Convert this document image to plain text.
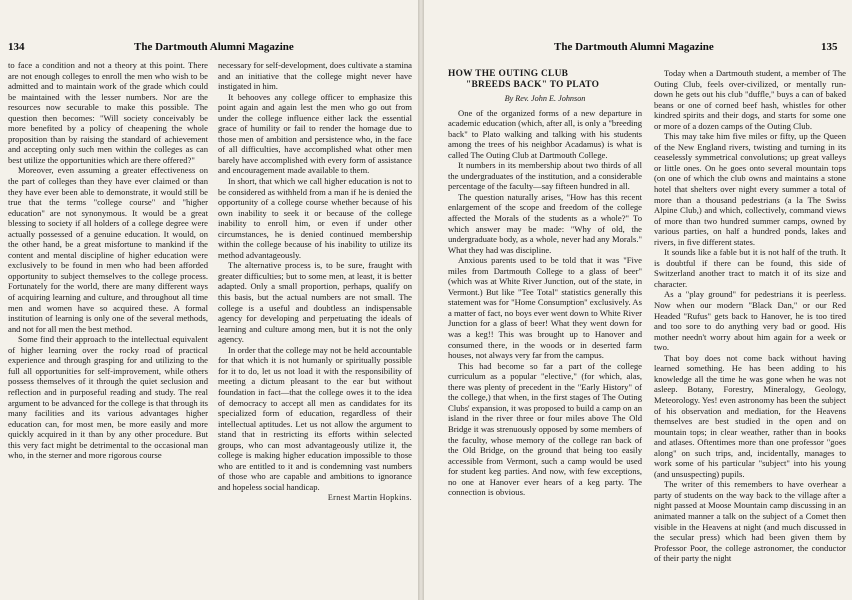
134	The Dartmouth Alumni Magazine

to face a condition and not a theory at this point. There are not enough colleges to enroll the men who wish to be admitted and to maintain work of the grade which could be maintained with the lesser numbers. Nor are the resources now securable to make this possible. The question then becomes: "Will society conceivably be more benefited by a policy of cheapening the whole proposition than by raising the standard of achievement and accepting only such men within the colleges as can best utilize the opportunities which are there offered?"

Moreover, even assuming a greater effectiveness on the part of colleges than they have ever claimed or than they have ever been able to demonstrate, it would still be true that the terms "college course" and "higher education" are not synonymous. It would be a great blessing to society if all holders of a college degree were actually possessed of a genuine education. It would, on the other hand, be a great misfortune to mankind if the content and mental discipline of higher education were exclusively to be found in men who had been afforded opportunity to subject themselves to the college process. Fortunately for the world, there are many different ways of acquiring learning and culture, and throughout all time men and women have so acquired these. A formal institution of learning is only one of the several methods, and not for all men the best method.

Some find their approach to the intellectual equivalent of higher learning over the rocky road of practical experience and through grasping for and utilizing to the full all opportunities for self-improvement, while others possess themselves of it through the quiet seclusion and reflection and in purposeful reading and study. The real argument to be advanced for the college is that through its many facilities and its various advantages higher education can, for most men, be more easily and more quickly acquired in it than by any other procedure. But this very fact might be detrimental to the occasional man who, in the sterner and more rigorous course

necessary for self-development, does cultivate a stamina and an initiative that the college might never have instigated in him.

It behooves any college officer to emphasize this point again and again lest the men who go out from under the college influence either lack the essential grace of humility or fail to render the homage due to those men of ambition and persistence who, in the face of all difficulties, have accomplished what other men barely have accomplished with every form of assistance and encouragement made available to them.

In short, that which we call higher education is not to be considered as withheld from a man if he is denied the opportunity of a college course whether because of his own inability to seek it or because of the college inability to enroll him, or even if under other circumstances, he is denied continued membership within the college because of his inability to utilize its method advantageously.

The alternative process is, to be sure, fraught with greater difficulties; but to some men, at least, it is better adapted. Only a small proportion, perhaps, qualify on this basis, but the actual numbers are not small. The college is a useful and doubtless an indispensable agency for developing and perpetuating the ideals of learning and culture among men, but it is not the only agency.

In order that the college may not be held accountable for that which it is not humanly or spiritually possible for it to do, let us not load it with the responsibility of meeting a dictum pleasant to the ear but without foundation in fact—that the college owes it to the idea of democracy to accept all men as candidates for its specialized form of education, regardless of their intellectual aptitudes. Let us not allow the argument to stand that in restricting its efforts within selected groups, who can most advantageously utilize it, the college is making higher education impossible to those who are entitled to it and is condemning vast numbers of those who are capable and ambitions to ignorance and hopeless social handicap.

Ernest Martin Hopkins.
The Dartmouth Alumni Magazine	135
HOW THE OUTING CLUB
"BREEDS BACK" TO PLATO
By Rev. John E. Johnson

One of the organized forms of a new departure in academic education (which, after all, is only a "breeding back" to Plato walking and talking with his students among the trees of his neighbor Acadamus) is what is called The Outing Club at Dartmouth College.

It numbers in its membership about two thirds of all the undergraduates of the institution, and a considerable percentage of the faculty—say fifteen hundred in all.

The question naturally arises, "How has this recent enlargement of the scope and freedom of the college affected the Morals of the students as a whole?" To which answer may be made: "Why of old, the undergraduate body, as a whole, never had any Morals." What they had was discipline.

Anxious parents used to be told that it was "Five miles from Dartmouth College to a glass of beer" (which was at White River Junction, out of the state, in Vermont.) But like "Tee Total" statistics generally this statement was for "Home Consumption" exclusively. As a matter of fact, no boys ever went down to White River Junction for a glass of beer! What they went down for was a keg!! This was brought up to Hanover and consumed there, in the woods or in deserted farm houses, not always very far from the campus.

This had become so far a part of the college curriculum as a popular "elective," (for which, alas, there was plenty of precedent in the "Early History" of the college,) that when, in the first stages of The Outing Clubs' expansion, it was proposed to build a camp on an island in the river three or four miles above The Old Bridge it was strenuously opposed by some members of the faculty, whose memory of the college ran back of the Old Bridge, on the ground that being too easily accessible from Vermont, such a camp would be used for student keg parties. And now, with few exceptions, no one at Hanover ever hears of a keg party. The connection is obvious.

Today when a Dartmouth student, a member of The Outing Club, feels over-civilized, or mentally run-down he gets out his club "duffle," buys a can of baked beans or one of corned beef hash, whistles for other kindred spirits and their dogs, and starts for some one or more of a dozen camps of the Outing Club.

This may take him five miles or fifty, up the Queen of the New England rivers, twisting and turning in its ceaselessly symmetrical convolutions; up great valleys or little ones. On he goes onto several mountain tops (on one of which the club owns and maintains a stone hotel that shelters over night every summer a total of more than a thousand pedestrians (a la The Swiss Alpine Club,) and which, collectively, command views of more than two hundred summer camps, owned by various parties, on half a hundred ponds, lakes and rivers, in five different states.

It sounds like a fable but it is not half of the truth. It is doubtful if there can be found, this side of Switzerland another tract to match it of its size and character.

As a "play ground" for pedestrians it is peerless. Now when our modern "Black Dan," or our Red Headed "Rufus" gets back to Hanover, he is too tired and too sore to do anything very bad or good. His mother needn't worry about him again for a week or two.

That boy does not come back without having learned something. He has been adding to his knowledge all the time he was gone when he was not asleep. Botany, Forestry, Mineralogy, Geology, Meteorology. Yes! even astronomy has been the subject of his observation and mediation, for the Heavens themselves are best studied in the open and on mountain tops; in clear weather, rather than in books and atlases. Oftentimes more than one professor "goes along" on such trips, and, incidentally, manages to work some of his particular "subject" into his young (and unsuspecting) pupils.

The writer of this remembers to have overhear a party of students on the way back to the village after a night passed at Moose Mountain camp discussing in an animated manner a talk on the subject of a Comet then visible in the Heavens at night (and much discussed in the secular press) which had been given them by Professor Poor, the college astronomer, the conductor of their party the night
